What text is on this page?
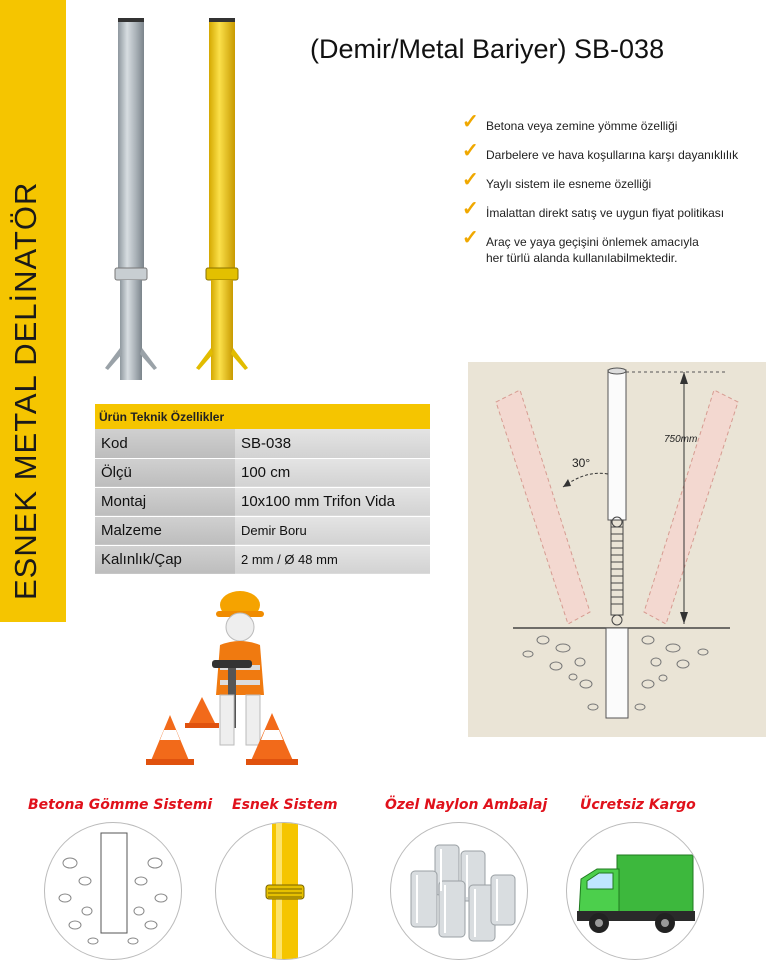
ESNEK METAL DELİNATÖR
(Demir/Metal Bariyer) SB-038
✓ Betona veya zemine yömme özelliği
✓ Darbelere ve hava koşullarına karşı dayanıklılık
✓ Yaylı sistem ile esneme özelliği
✓ İmalattan direkt satış ve uygun fiyat politikası
✓ Araç ve yaya geçişini önlemek amacıyla
her türlü alanda kullanılabilmektedir.
Ürün Teknik Özellikler	
Kod	SB-038
Ölçü	100 cm
Montaj	10x100 mm Trifon Vida
Malzeme	Demir Boru
Kalınlık/Çap	2 mm / Ø 48 mm
30°
750mm
Betona Gömme Sistemi Esnek Sistem	Özel Naylon Ambalaj Ücretsiz Kargo
